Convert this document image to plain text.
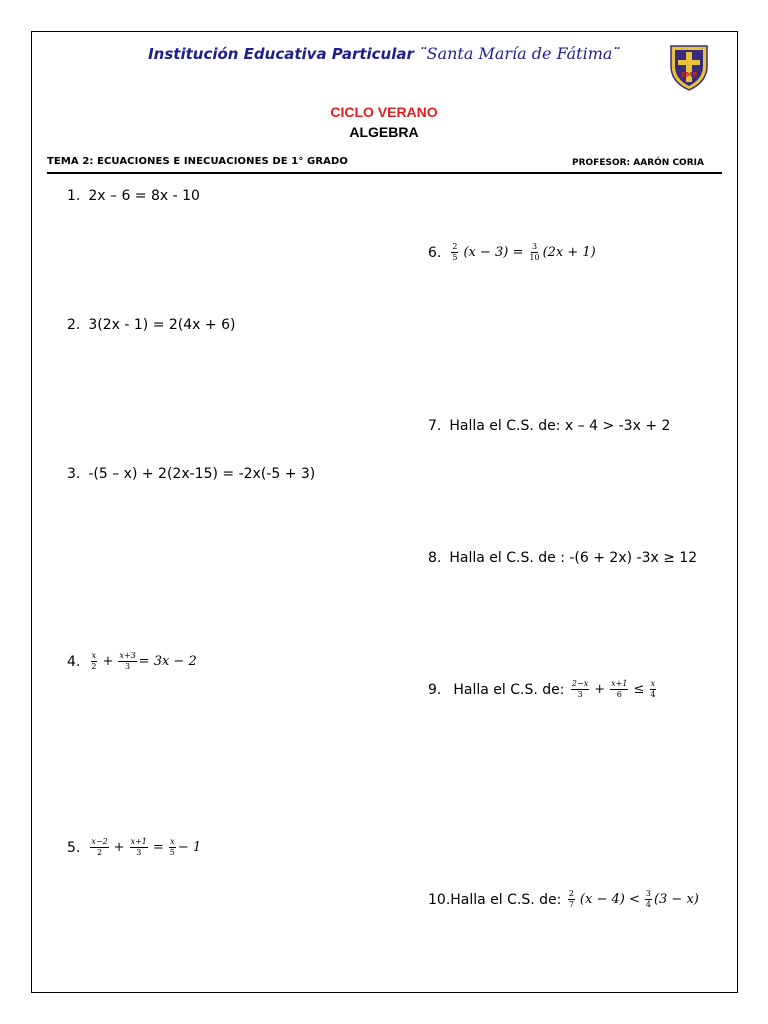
Institución Educativa Particular ¨Santa María de Fátima¨
SMF
CICLO VERANO
ALGEBRA
TEMA 2: ECUACIONES E INECUACIONES DE 1° GRADO	PROFESOR: AARÓN CORIA
1. 2x – 6 = 8x - 10
2. 3(2x - 1) = 2(4x + 6)
3. -(5 – x) + 2(2x-15) = -2x(-5 + 3)
4. $\frac{x}{2} + \frac{x+3}{3} = 3x - 2$
5. $\frac{x-2}{2} + \frac{x+1}{3} = \frac{x}{5} - 1$
6. $\frac{2}{5} (x - 3) = \frac{3}{10} (2x + 1)$
7. Halla el C.S. de: x – 4 > -3x + 2
8. Halla el C.S. de : -(6 + 2x) -3x ≥ 12
9. Halla el C.S. de: $\frac{2-x}{3} + \frac{x+1}{6} \le \frac{x}{4}$
10. Halla el C.S. de: $\frac{2}{7} (x - 4) < \frac{3}{4} (3 - x)$
